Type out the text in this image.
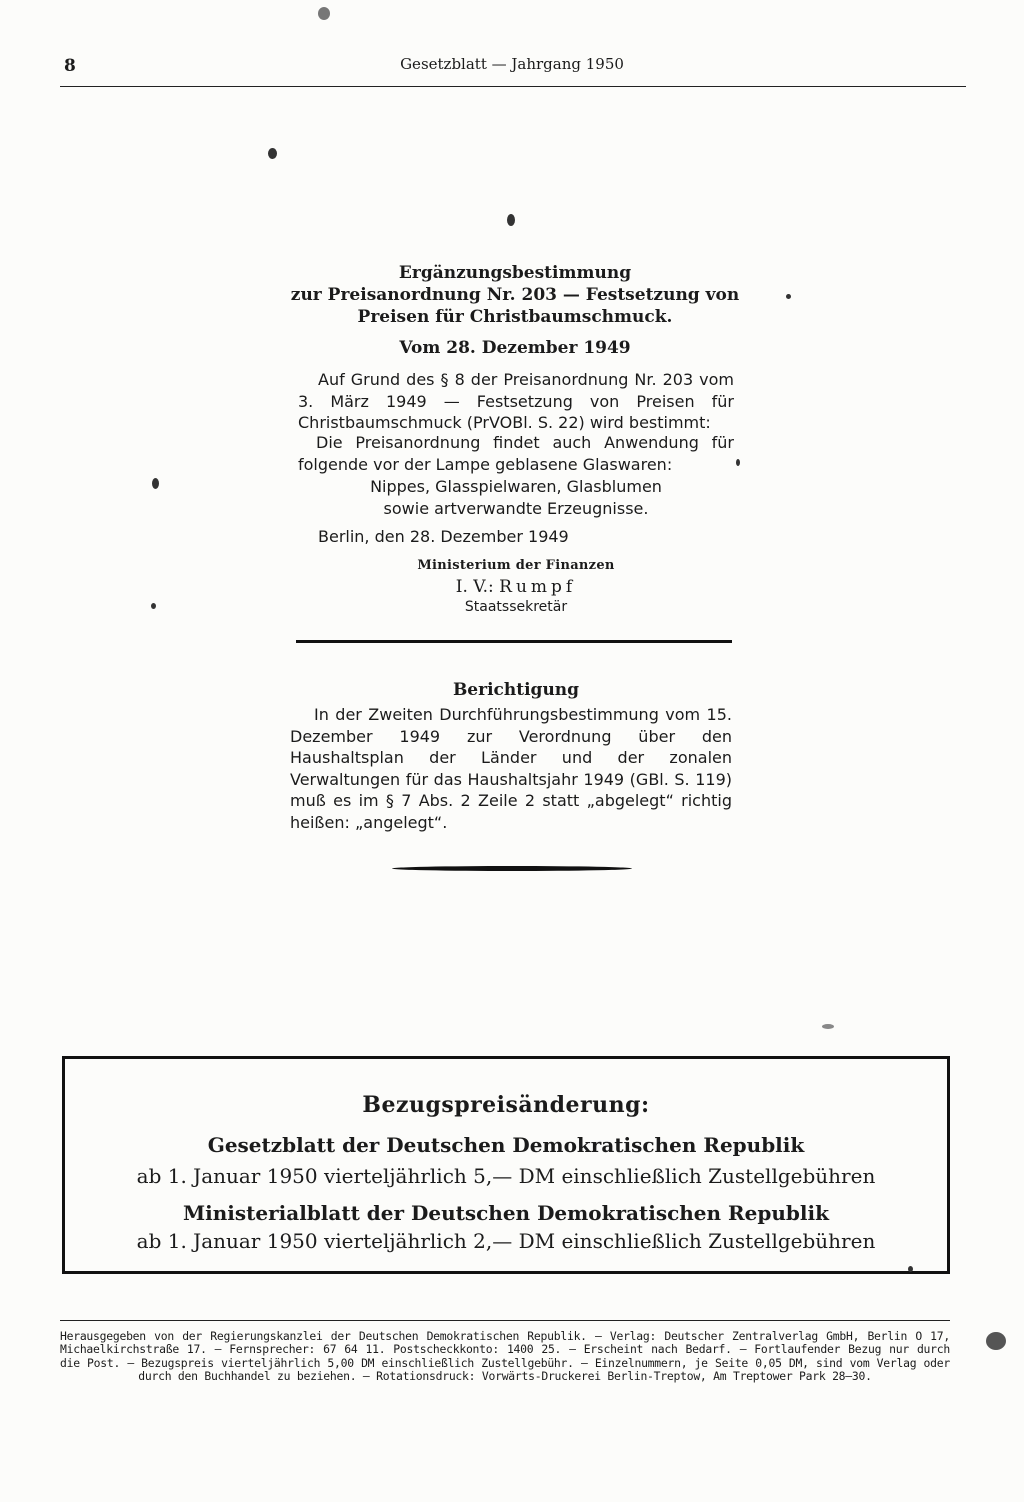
8	Gesetzblatt — Jahrgang 1950
Ergänzungsbestimmung
zur Preisanordnung Nr. 203 — Festsetzung von
Preisen für Christbaumschmuck.
Vom 28. Dezember 1949
Auf Grund des § 8 der Preisanordnung Nr. 203 vom 3. März 1949 — Festsetzung von Preisen für Christbaumschmuck (PrVOBl. S. 22) wird bestimmt:
Die Preisanordnung findet auch Anwendung für folgende vor der Lampe geblasene Glaswaren:
Nippes, Glasspielwaren, Glasblumen
sowie artverwandte Erzeugnisse.
Berlin, den 28. Dezember 1949
Ministerium der Finanzen
I. V.: Rumpf
Staatssekretär
Berichtigung
In der Zweiten Durchführungsbestimmung vom 15. Dezember 1949 zur Verordnung über den Haushaltsplan der Länder und der zonalen Verwaltungen für das Haushaltsjahr 1949 (GBl. S. 119) muß es im § 7 Abs. 2 Zeile 2 statt „abgelegt“ richtig heißen: „angelegt“.
Bezugspreisänderung:
Gesetzblatt der Deutschen Demokratischen Republik
ab 1. Januar 1950 vierteljährlich 5,— DM einschließlich Zustellgebühren
Ministerialblatt der Deutschen Demokratischen Republik
ab 1. Januar 1950 vierteljährlich 2,— DM einschließlich Zustellgebühren
Herausgegeben von der Regierungskanzlei der Deutschen Demokratischen Republik. — Verlag: Deutscher Zentralverlag GmbH, Berlin O 17, Michaelkirchstraße 17. — Fernsprecher: 67 64 11. Postscheckkonto: 1400 25. — Erscheint nach Bedarf. — Fortlaufender Bezug nur durch die Post. — Bezugspreis vierteljährlich 5,00 DM einschließlich Zustellgebühr. — Einzelnummern, je Seite 0,05 DM, sind vom Verlag oder durch den Buchhandel zu beziehen. — Rotationsdruck: Vorwärts-Druckerei Berlin-Treptow, Am Treptower Park 28—30.
